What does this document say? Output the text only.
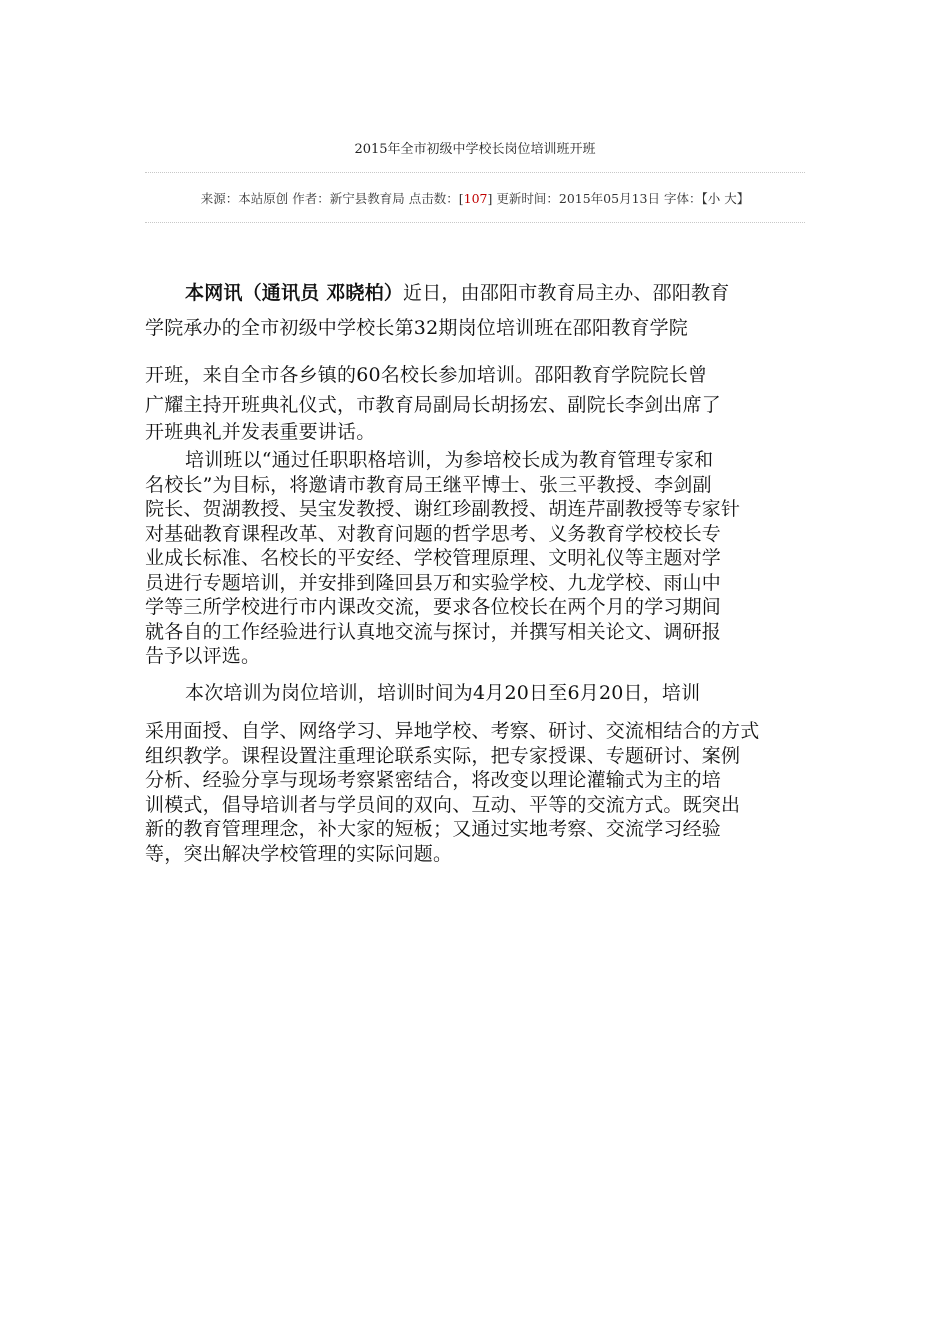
2015年全市初级中学校长岗位培训班开班
来源：本站原创 作者：新宁县教育局 点击数：[107] 更新时间：2015年05月13日 字体：【小 大】
本网讯（通讯员 邓晓柏）近日，由邵阳市教育局主办、邵阳教育
学院承办的全市初级中学校长第32期岗位培训班在邵阳教育学院
开班，来自全市各乡镇的60名校长参加培训。邵阳教育学院院长曾
广耀主持开班典礼仪式，市教育局副局长胡扬宏、副院长李剑出席了
开班典礼并发表重要讲话。
培训班以“通过任职职格培训，为参培校长成为教育管理专家和
名校长”为目标，将邀请市教育局王继平博士、张三平教授、李剑副
院长、贺湖教授、吴宝发教授、谢红珍副教授、胡连芹副教授等专家针
对基础教育课程改革、对教育问题的哲学思考、义务教育学校校长专
业成长标准、名校长的平安经、学校管理原理、文明礼仪等主题对学
员进行专题培训，并安排到隆回县万和实验学校、九龙学校、雨山中
学等三所学校进行市内课改交流，要求各位校长在两个月的学习期间
就各自的工作经验进行认真地交流与探讨，并撰写相关论文、调研报
告予以评选。
本次培训为岗位培训，培训时间为4月20日至6月20日，培训
采用面授、自学、网络学习、异地学校、考察、研讨、交流相结合的方式
组织教学。课程设置注重理论联系实际，把专家授课、专题研讨、案例
分析、经验分享与现场考察紧密结合，将改变以理论灌输式为主的培
训模式，倡导培训者与学员间的双向、互动、平等的交流方式。既突出
新的教育管理理念，补大家的短板；又通过实地考察、交流学习经验
等，突出解决学校管理的实际问题。
